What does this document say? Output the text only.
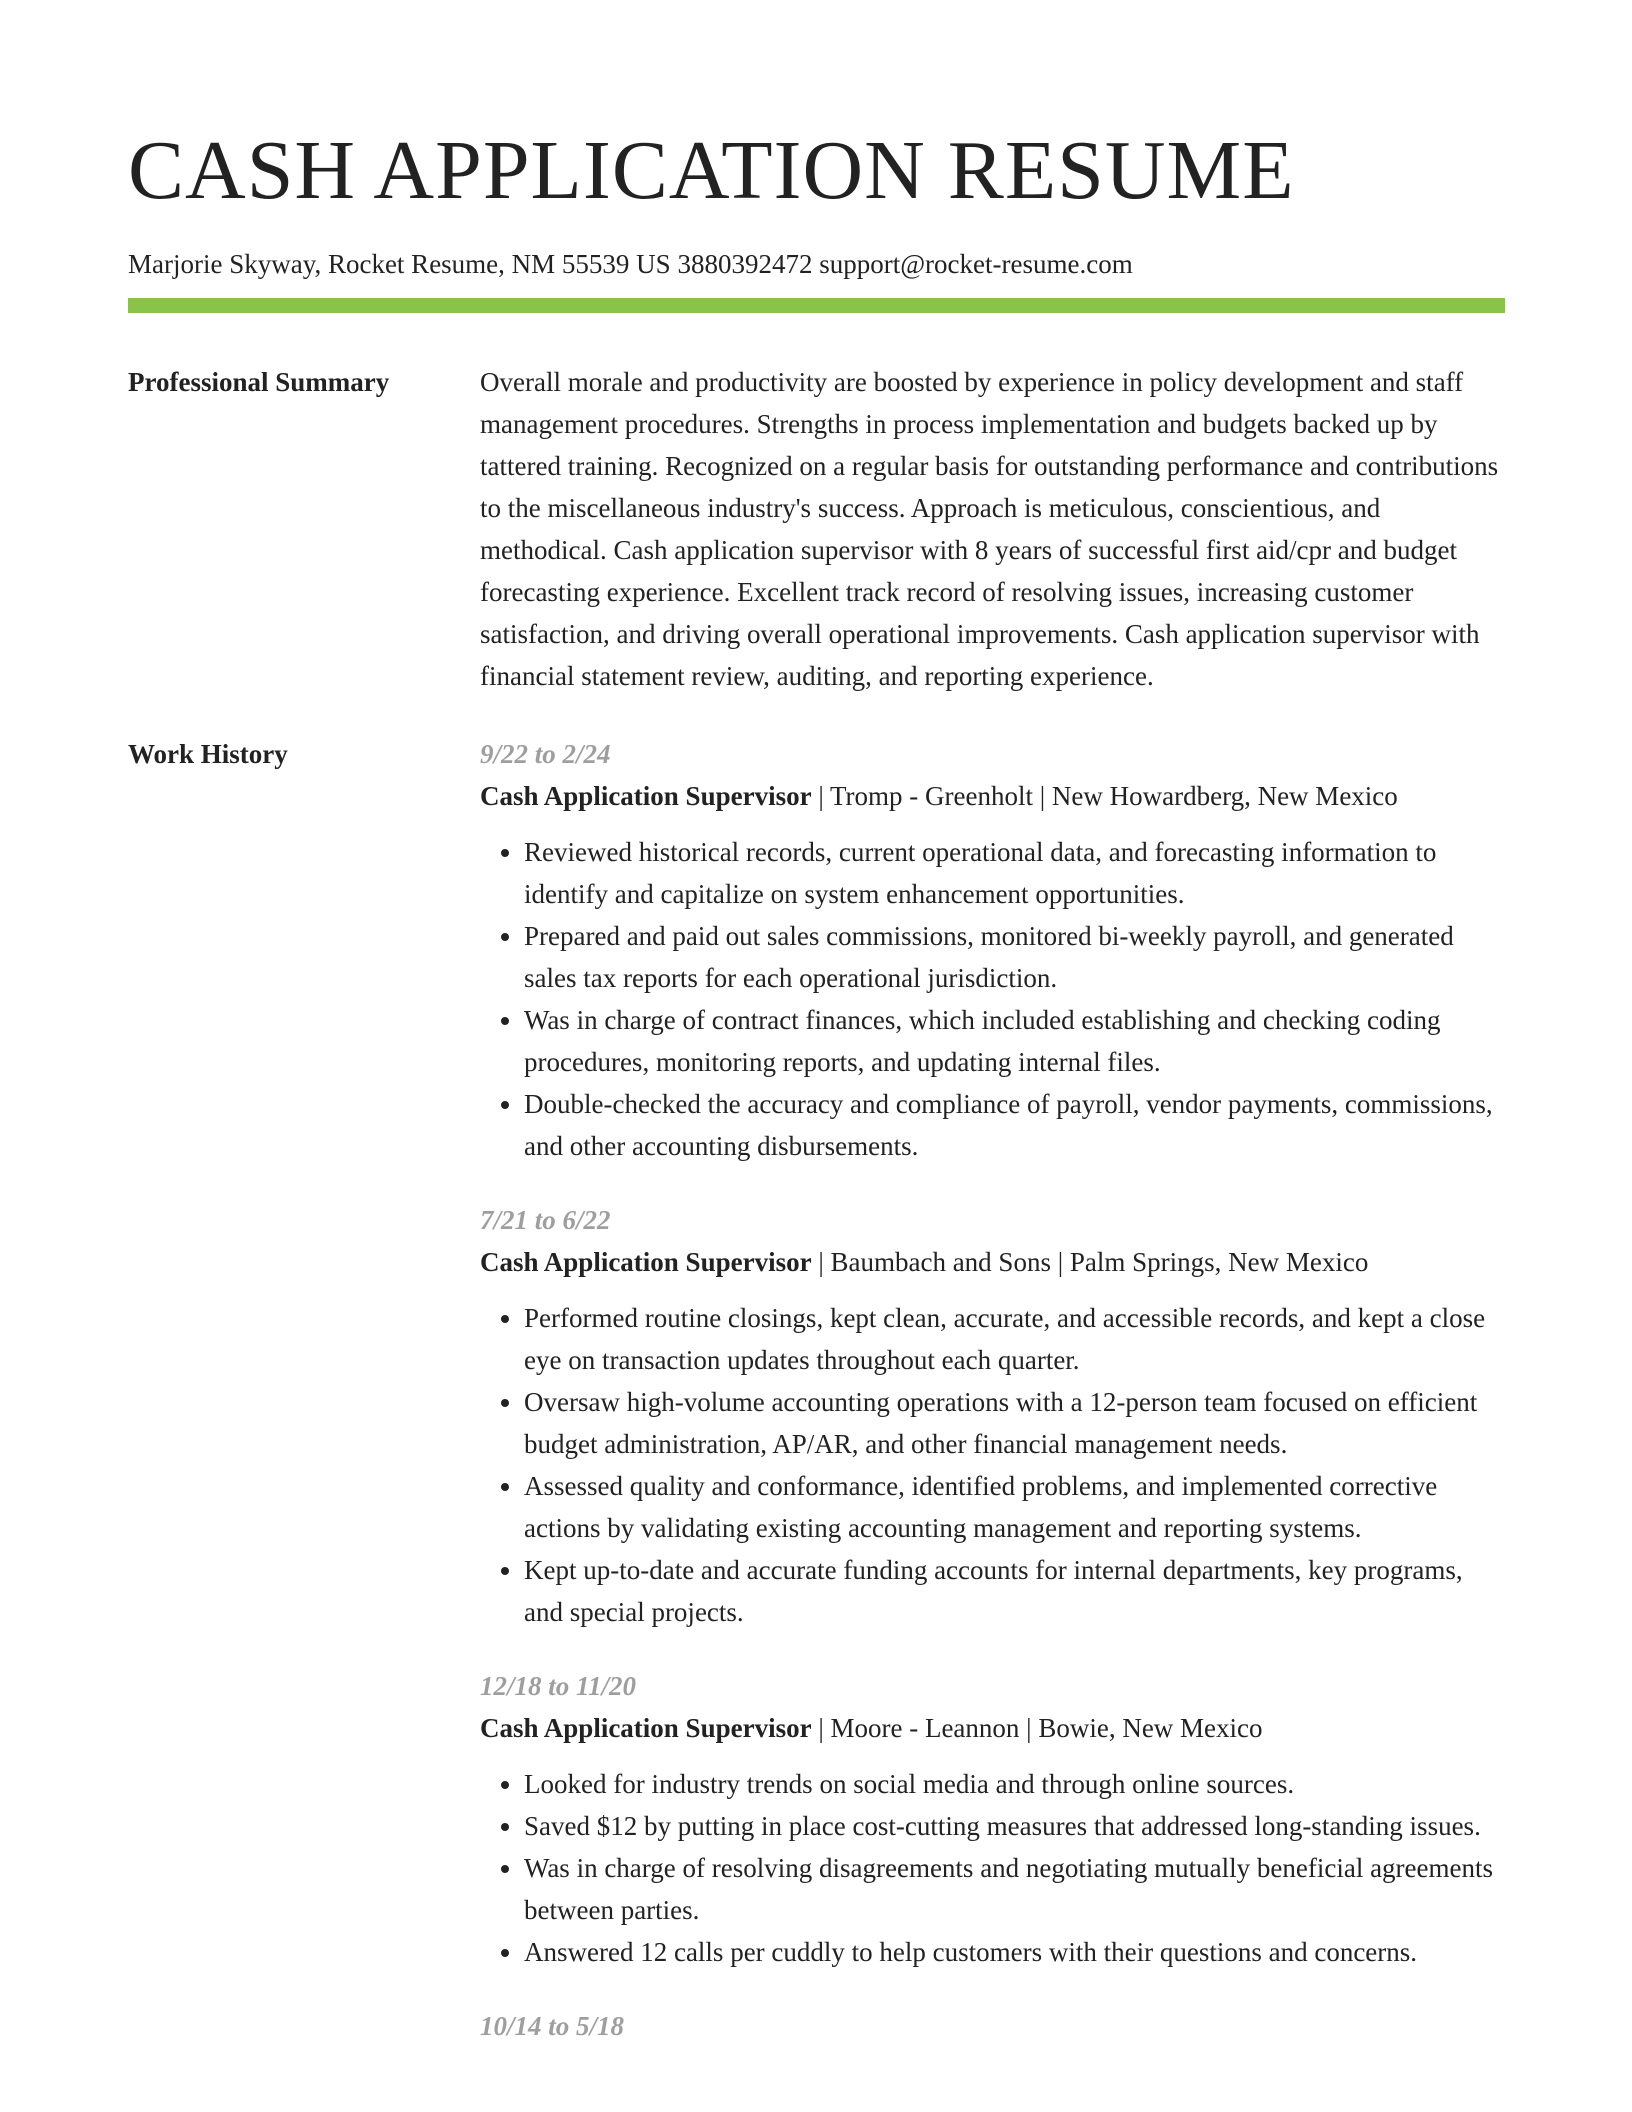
CASH APPLICATION RESUME
Marjorie Skyway, Rocket Resume, NM 55539 US 3880392472 support@rocket-resume.com
Professional Summary	Overall morale and productivity are boosted by experience in policy development and staff management procedures. Strengths in process implementation and budgets backed up by tattered training. Recognized on a regular basis for outstanding performance and contributions to the miscellaneous industry's success. Approach is meticulous, conscientious, and methodical. Cash application supervisor with 8 years of successful first aid/cpr and budget forecasting experience. Excellent track record of resolving issues, increasing customer satisfaction, and driving overall operational improvements. Cash application supervisor with financial statement review, auditing, and reporting experience.

Work History	9/22 to 2/24
Cash Application Supervisor | Tromp - Greenholt | New Howardberg, New Mexico
• Reviewed historical records, current operational data, and forecasting information to identify and capitalize on system enhancement opportunities.
• Prepared and paid out sales commissions, monitored bi-weekly payroll, and generated sales tax reports for each operational jurisdiction.
• Was in charge of contract finances, which included establishing and checking coding procedures, monitoring reports, and updating internal files.
• Double-checked the accuracy and compliance of payroll, vendor payments, commissions, and other accounting disbursements.
7/21 to 6/22
Cash Application Supervisor | Baumbach and Sons | Palm Springs, New Mexico
• Performed routine closings, kept clean, accurate, and accessible records, and kept a close eye on transaction updates throughout each quarter.
• Oversaw high-volume accounting operations with a 12-person team focused on efficient budget administration, AP/AR, and other financial management needs.
• Assessed quality and conformance, identified problems, and implemented corrective actions by validating existing accounting management and reporting systems.
• Kept up-to-date and accurate funding accounts for internal departments, key programs, and special projects.
12/18 to 11/20
Cash Application Supervisor | Moore - Leannon | Bowie, New Mexico
• Looked for industry trends on social media and through online sources.
• Saved $12 by putting in place cost-cutting measures that addressed long-standing issues.
• Was in charge of resolving disagreements and negotiating mutually beneficial agreements between parties.
• Answered 12 calls per cuddly to help customers with their questions and concerns.
10/14 to 5/18
